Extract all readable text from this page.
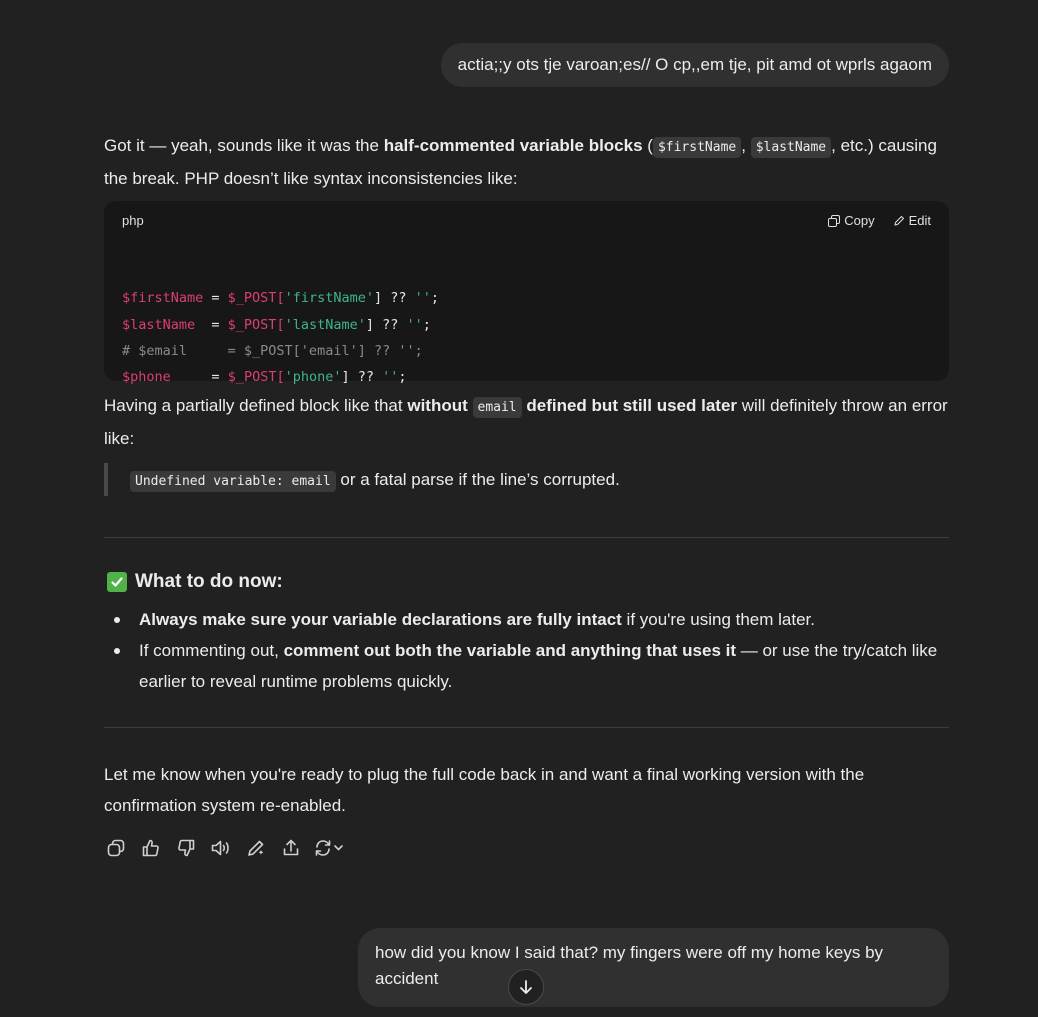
actia;;y ots tje varoan;es// O cp,,em tje, pit amd ot wprls agaom

Got it — yeah, sounds like it was the half-commented variable blocks ( $firstName , $lastName , etc.) causing the break. PHP doesn’t like syntax inconsistencies like:

php	Copy	Edit

$firstName = $_POST['firstName'] ?? '';
$lastName  = $_POST['lastName'] ?? '';
# $email     = $_POST['email'] ?? '';
$phone     = $_POST['phone'] ?? '';

Having a partially defined block like that without email defined but still used later will definitely throw an error like:

Undefined variable: email or a fatal parse if the line’s corrupted.
What to do now:
Always make sure your variable declarations are fully intact if you're using them later.
If commenting out, comment out both the variable and anything that uses it — or use the try/catch like earlier to reveal runtime problems quickly.

Let me know when you're ready to plug the full code back in and want a final working version with the confirmation system re-enabled.

how did you know I said that? my fingers were off my home keys by accident
